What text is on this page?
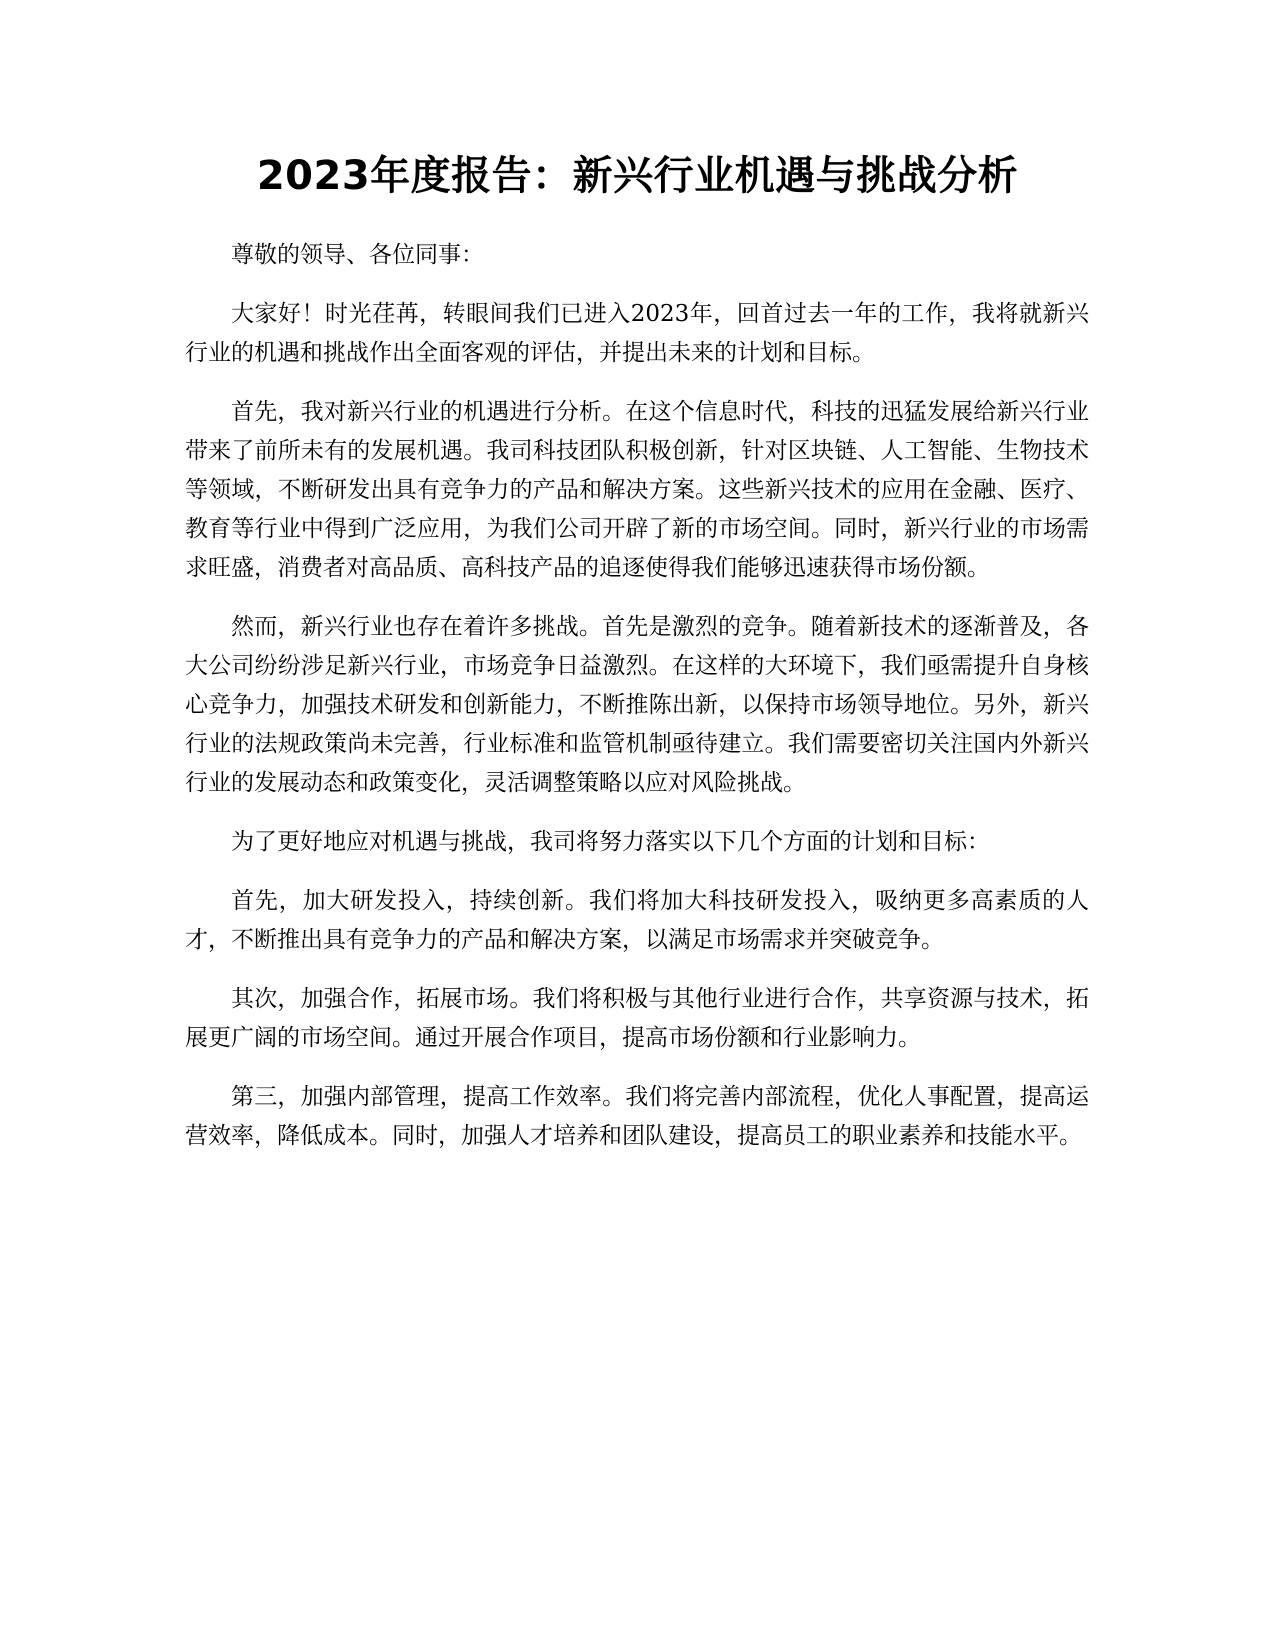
2023年度报告：新兴行业机遇与挑战分析

尊敬的领导、各位同事：

大家好！时光荏苒，转眼间我们已进入2023年，回首过去一年的工作，我将就新兴行业的机遇和挑战作出全面客观的评估，并提出未来的计划和目标。

首先，我对新兴行业的机遇进行分析。在这个信息时代，科技的迅猛发展给新兴行业带来了前所未有的发展机遇。我司科技团队积极创新，针对区块链、人工智能、生物技术等领域，不断研发出具有竞争力的产品和解决方案。这些新兴技术的应用在金融、医疗、教育等行业中得到广泛应用，为我们公司开辟了新的市场空间。同时，新兴行业的市场需求旺盛，消费者对高品质、高科技产品的追逐使得我们能够迅速获得市场份额。

然而，新兴行业也存在着许多挑战。首先是激烈的竞争。随着新技术的逐渐普及，各大公司纷纷涉足新兴行业，市场竞争日益激烈。在这样的大环境下，我们亟需提升自身核心竞争力，加强技术研发和创新能力，不断推陈出新，以保持市场领导地位。另外，新兴行业的法规政策尚未完善，行业标准和监管机制亟待建立。我们需要密切关注国内外新兴行业的发展动态和政策变化，灵活调整策略以应对风险挑战。

为了更好地应对机遇与挑战，我司将努力落实以下几个方面的计划和目标：

首先，加大研发投入，持续创新。我们将加大科技研发投入，吸纳更多高素质的人才，不断推出具有竞争力的产品和解决方案，以满足市场需求并突破竞争。

其次，加强合作，拓展市场。我们将积极与其他行业进行合作，共享资源与技术，拓展更广阔的市场空间。通过开展合作项目，提高市场份额和行业影响力。

第三，加强内部管理，提高工作效率。我们将完善内部流程，优化人事配置，提高运营效率，降低成本。同时，加强人才培养和团队建设，提高员工的职业素养和技能水平。
